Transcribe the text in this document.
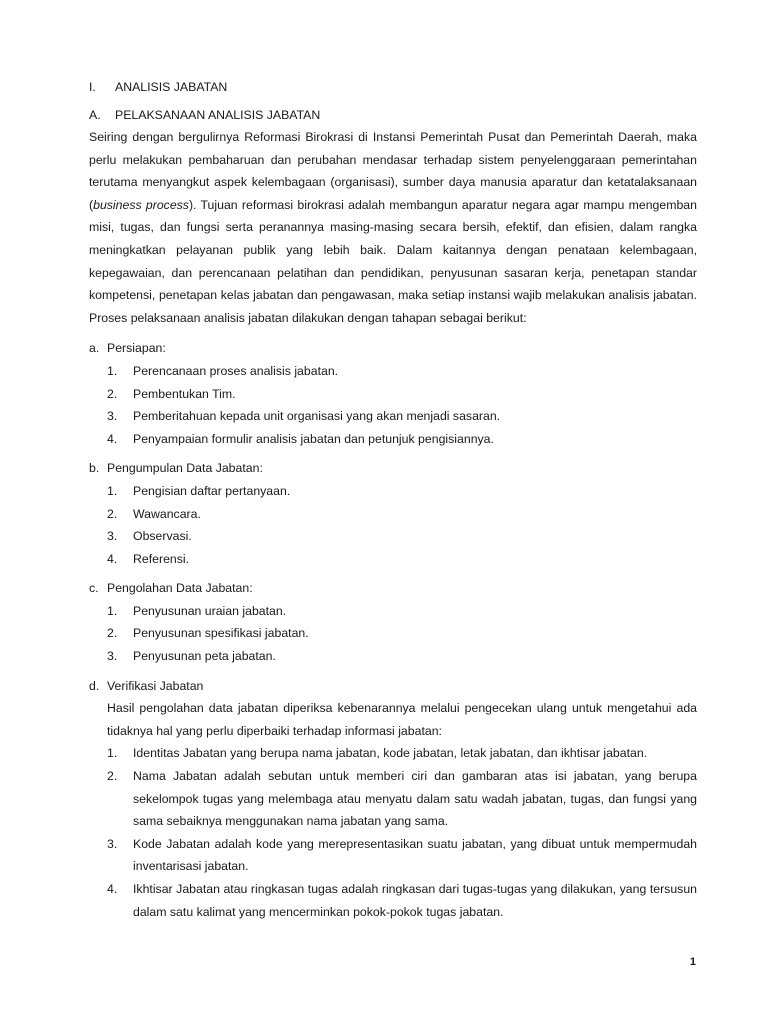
I.	ANALISIS JABATAN
A.	PELAKSANAAN ANALISIS JABATAN

Seiring dengan bergulirnya Reformasi Birokrasi di Instansi Pemerintah Pusat dan Pemerintah Daerah, maka perlu melakukan pembaharuan dan perubahan mendasar terhadap sistem penyelenggaraan pemerintahan terutama menyangkut aspek kelembagaan (organisasi), sumber daya manusia aparatur dan ketatalaksanaan (business process). Tujuan reformasi birokrasi adalah membangun aparatur negara agar mampu mengemban misi, tugas, dan fungsi serta peranannya masing-masing secara bersih, efektif, dan efisien, dalam rangka meningkatkan pelayanan publik yang lebih baik. Dalam kaitannya dengan penataan kelembagaan, kepegawaian, dan perencanaan pelatihan dan pendidikan, penyusunan sasaran kerja, penetapan standar kompetensi, penetapan kelas jabatan dan pengawasan, maka setiap instansi wajib melakukan analisis jabatan. Proses pelaksanaan analisis jabatan dilakukan dengan tahapan sebagai berikut:

a. Persiapan:
1.	Perencanaan proses analisis jabatan.
2.	Pembentukan Tim.
3.	Pemberitahuan kepada unit organisasi yang akan menjadi sasaran.
4.	Penyampaian formulir analisis jabatan dan petunjuk pengisiannya.
b. Pengumpulan Data Jabatan:
1.	Pengisian daftar pertanyaan.
2.	Wawancara.
3.	Observasi.
4.	Referensi.
c. Pengolahan Data Jabatan:
1.	Penyusunan uraian jabatan.
2.	Penyusunan spesifikasi jabatan.
3.	Penyusunan peta jabatan.
d. Verifikasi Jabatan
Hasil pengolahan data jabatan diperiksa kebenarannya melalui pengecekan ulang untuk mengetahui ada tidaknya hal yang perlu diperbaiki terhadap informasi jabatan:
1.	Identitas Jabatan yang berupa nama jabatan, kode jabatan, letak jabatan, dan ikhtisar jabatan.
2.	Nama Jabatan adalah sebutan untuk memberi ciri dan gambaran atas isi jabatan, yang berupa sekelompok tugas yang melembaga atau menyatu dalam satu wadah jabatan, tugas, dan fungsi yang sama sebaiknya menggunakan nama jabatan yang sama.
3.	Kode Jabatan adalah kode yang merepresentasikan suatu jabatan, yang dibuat untuk mempermudah inventarisasi jabatan.
4.	Ikhtisar Jabatan atau ringkasan tugas adalah ringkasan dari tugas-tugas yang dilakukan, yang tersusun dalam satu kalimat yang mencerminkan pokok-pokok tugas jabatan.
1
